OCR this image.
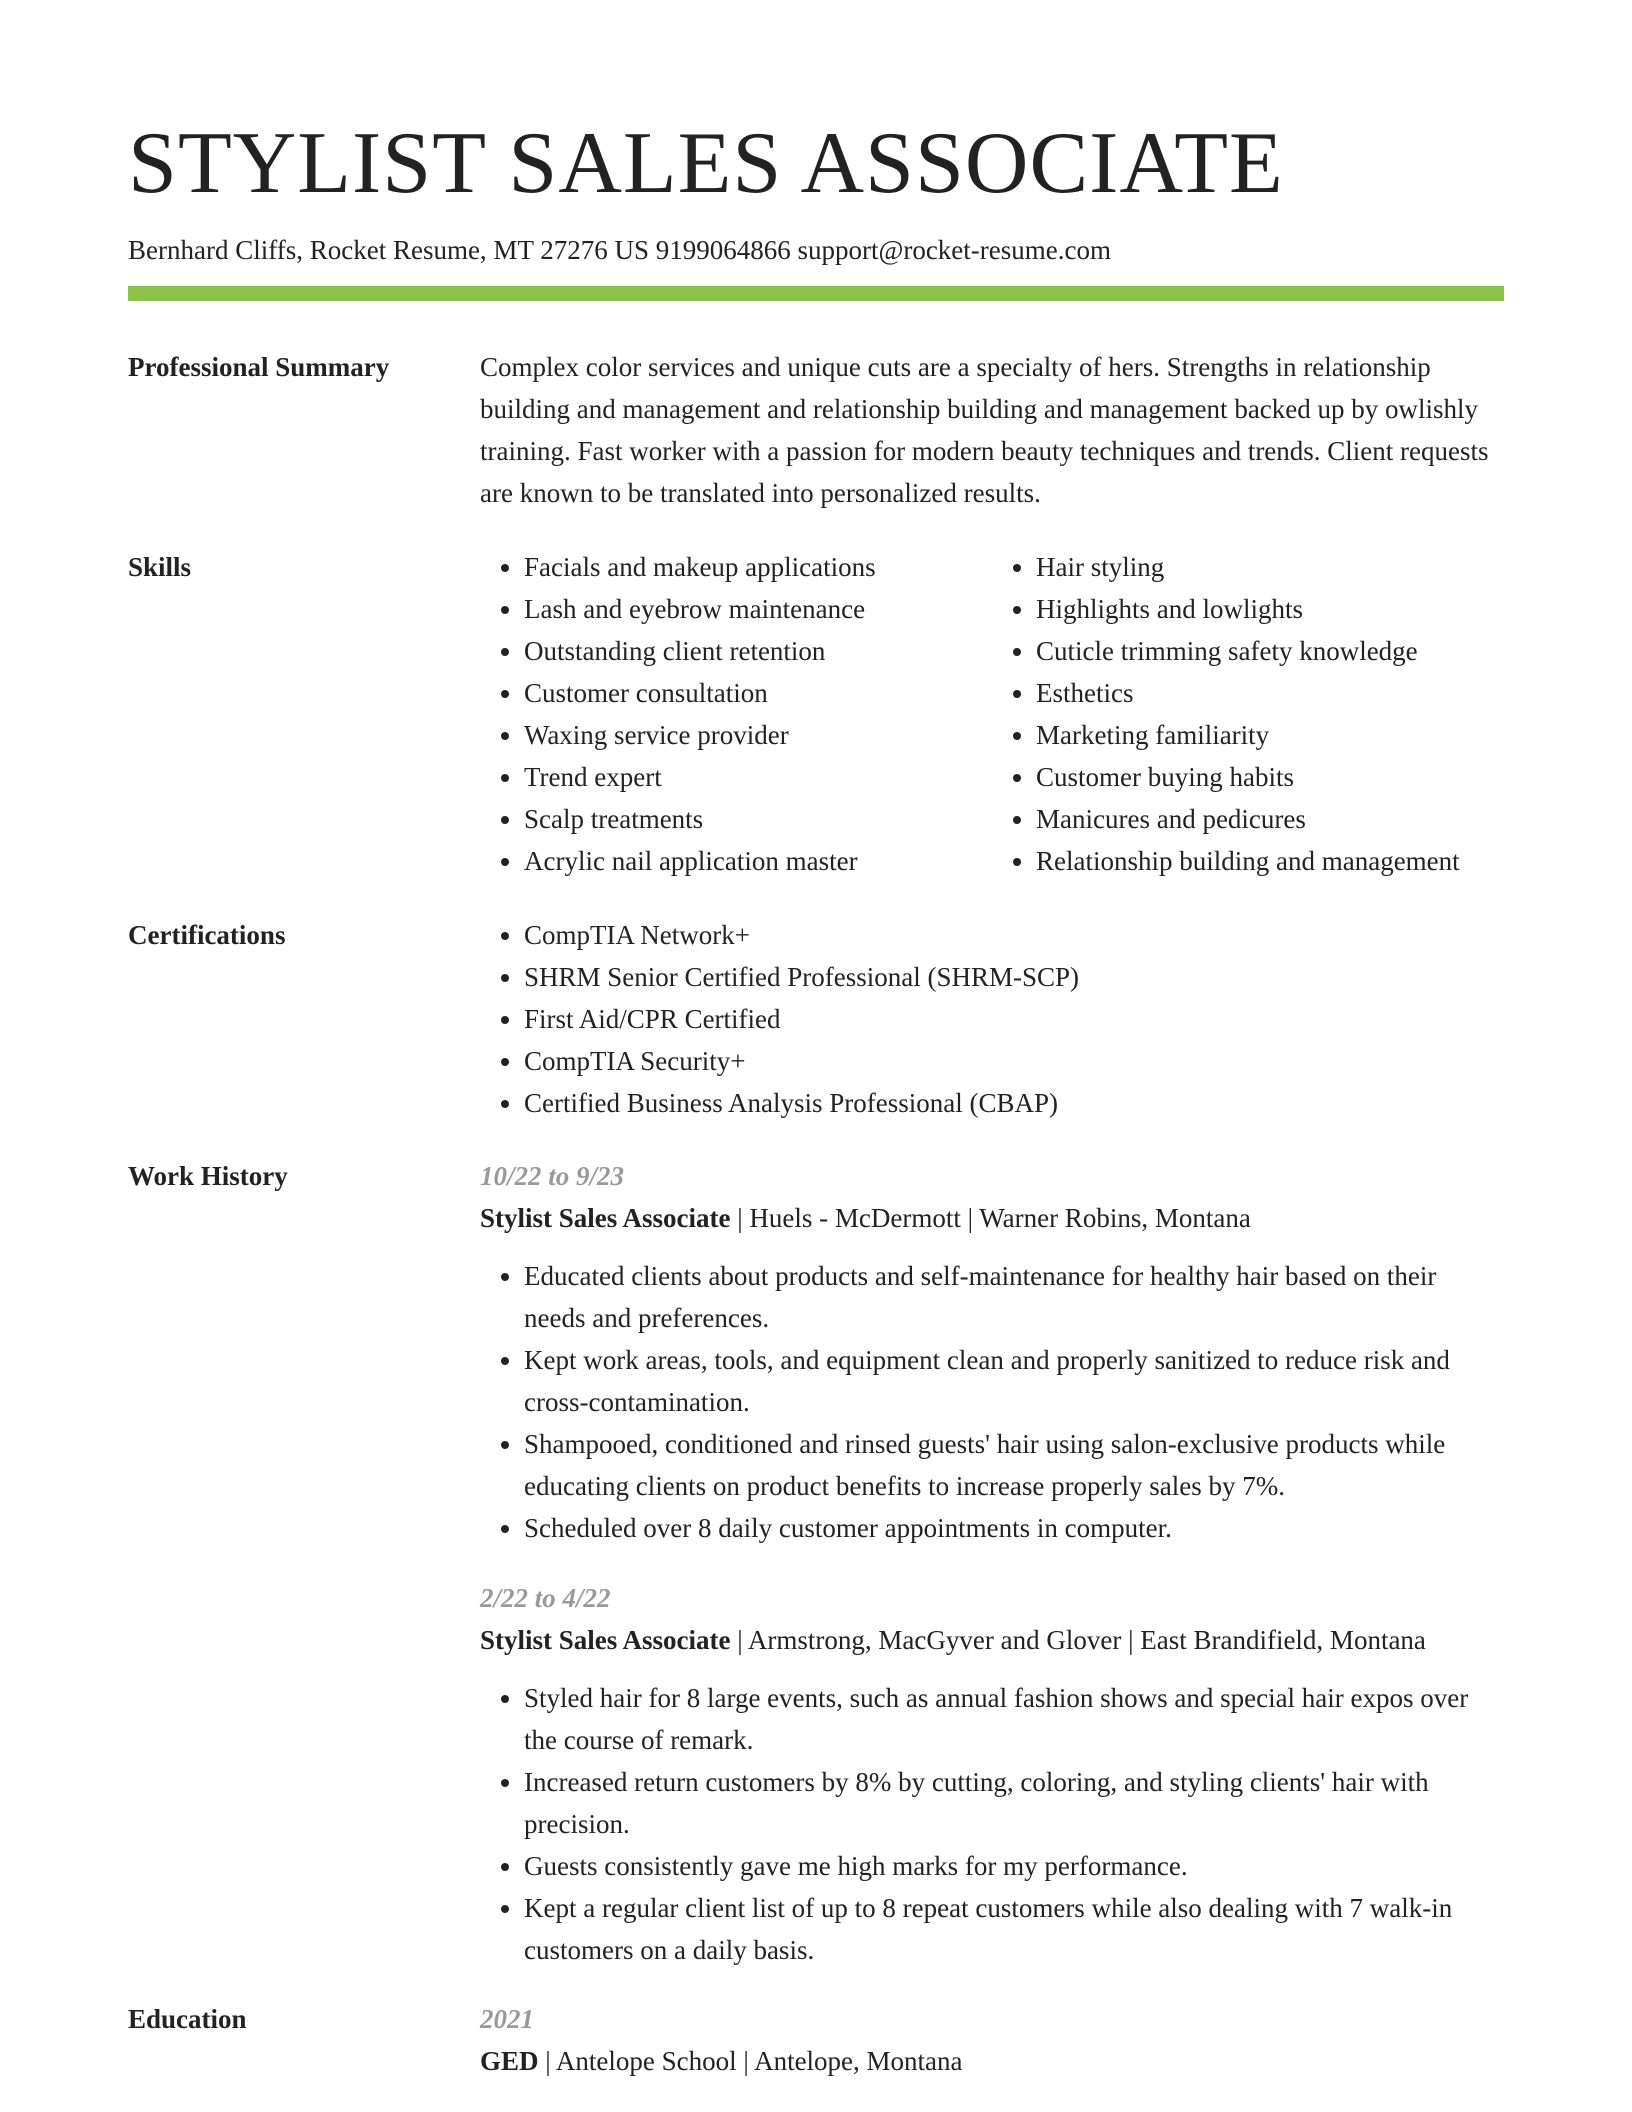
STYLIST SALES ASSOCIATE
Bernhard Cliffs, Rocket Resume, MT 27276 US 9199064866 support@rocket-resume.com
Professional Summary	Complex color services and unique cuts are a specialty of hers. Strengths in relationship building and management and relationship building and management backed up by owlishly training. Fast worker with a passion for modern beauty techniques and trends. Client requests are known to be translated into personalized results.

Skills	• Facials and makeup applications
• Lash and eyebrow maintenance
• Outstanding client retention
• Customer consultation
• Waxing service provider
• Trend expert
• Scalp treatments
• Acrylic nail application master
• Hair styling
• Highlights and lowlights
• Cuticle trimming safety knowledge
• Esthetics
• Marketing familiarity
• Customer buying habits
• Manicures and pedicures
• Relationship building and management
Certifications	• CompTIA Network+
• SHRM Senior Certified Professional (SHRM-SCP)
• First Aid/CPR Certified
• CompTIA Security+
• Certified Business Analysis Professional (CBAP)
Work History	10/22 to 9/23
Stylist Sales Associate | Huels - McDermott | Warner Robins, Montana
• Educated clients about products and self-maintenance for healthy hair based on their needs and preferences.
• Kept work areas, tools, and equipment clean and properly sanitized to reduce risk and cross-contamination.
• Shampooed, conditioned and rinsed guests' hair using salon-exclusive products while educating clients on product benefits to increase properly sales by 7%.
• Scheduled over 8 daily customer appointments in computer.
2/22 to 4/22
Stylist Sales Associate | Armstrong, MacGyver and Glover | East Brandifield, Montana
• Styled hair for 8 large events, such as annual fashion shows and special hair expos over the course of remark.
• Increased return customers by 8% by cutting, coloring, and styling clients' hair with precision.
• Guests consistently gave me high marks for my performance.
• Kept a regular client list of up to 8 repeat customers while also dealing with 7 walk-in customers on a daily basis.
Education	2021
GED | Antelope School | Antelope, Montana
